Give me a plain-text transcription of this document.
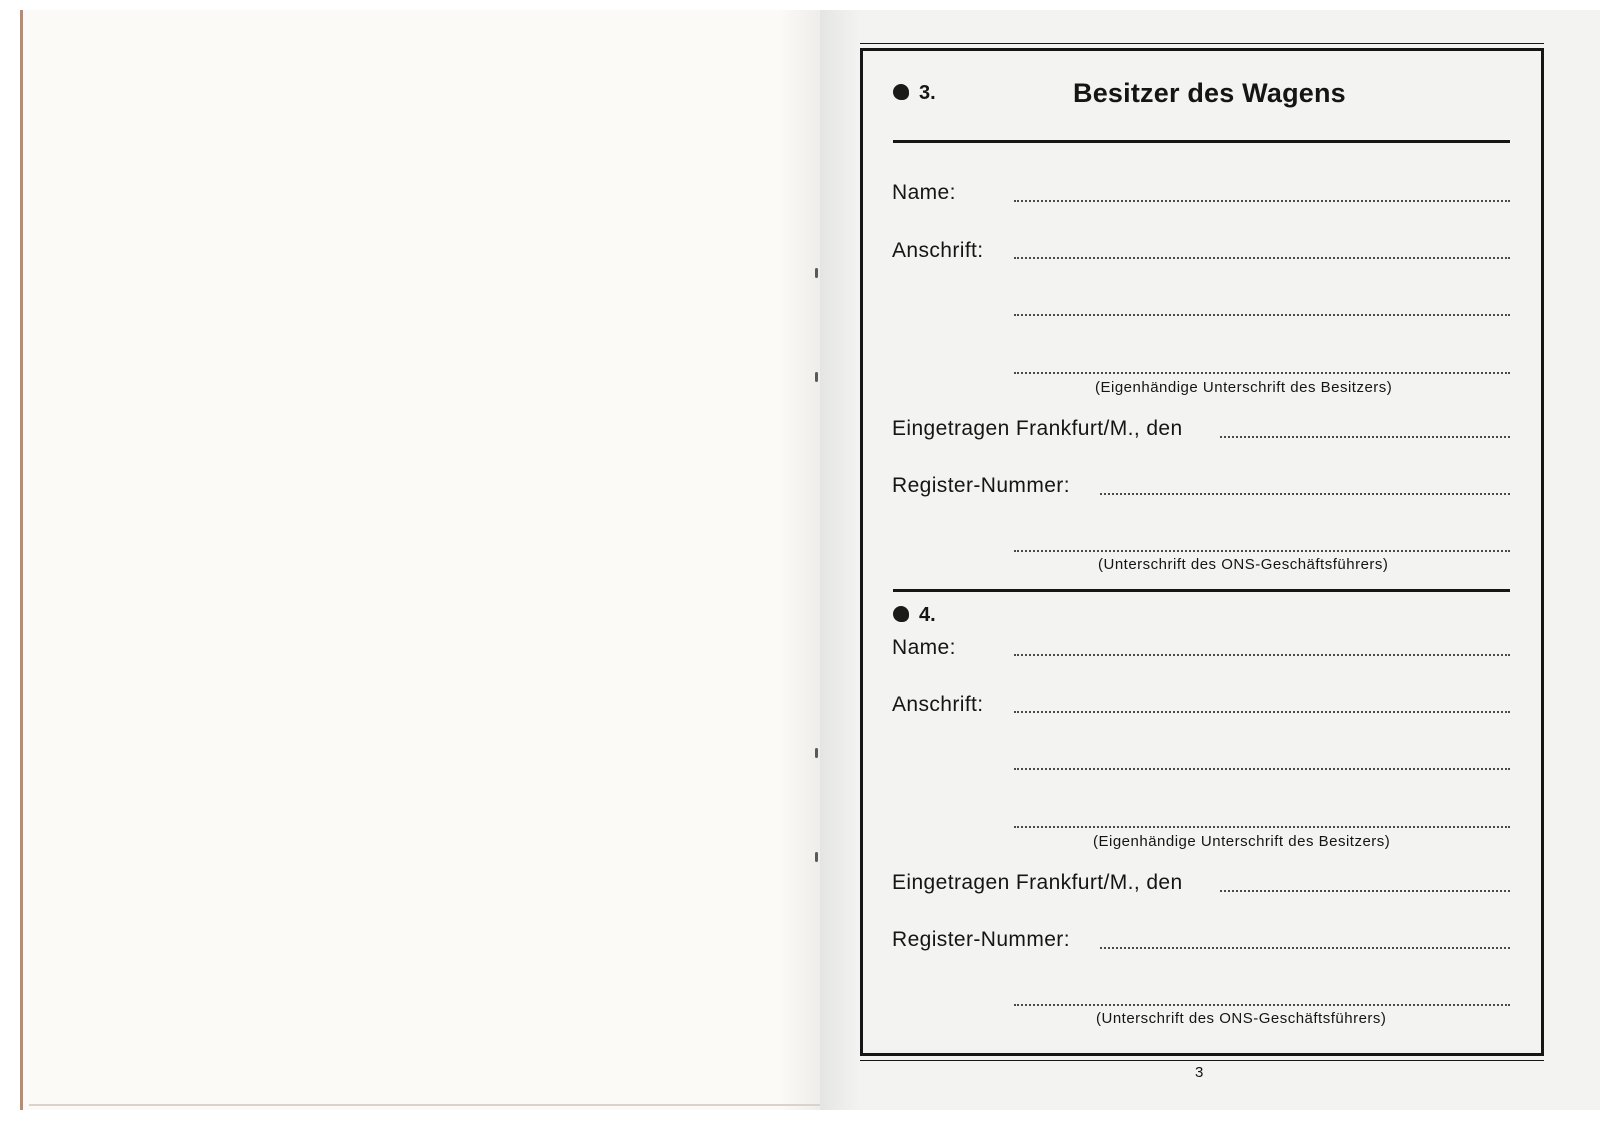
3.	Besitzer des Wagens
Name:
Anschrift:
(Eigenhändige Unterschrift des Besitzers)
Eingetragen Frankfurt/M., den
Register-Nummer:
(Unterschrift des ONS-Geschäftsführers)
4.
Name:
Anschrift:
(Eigenhändige Unterschrift des Besitzers)
Eingetragen Frankfurt/M., den
Register-Nummer:
(Unterschrift des ONS-Geschäftsführers)
3
